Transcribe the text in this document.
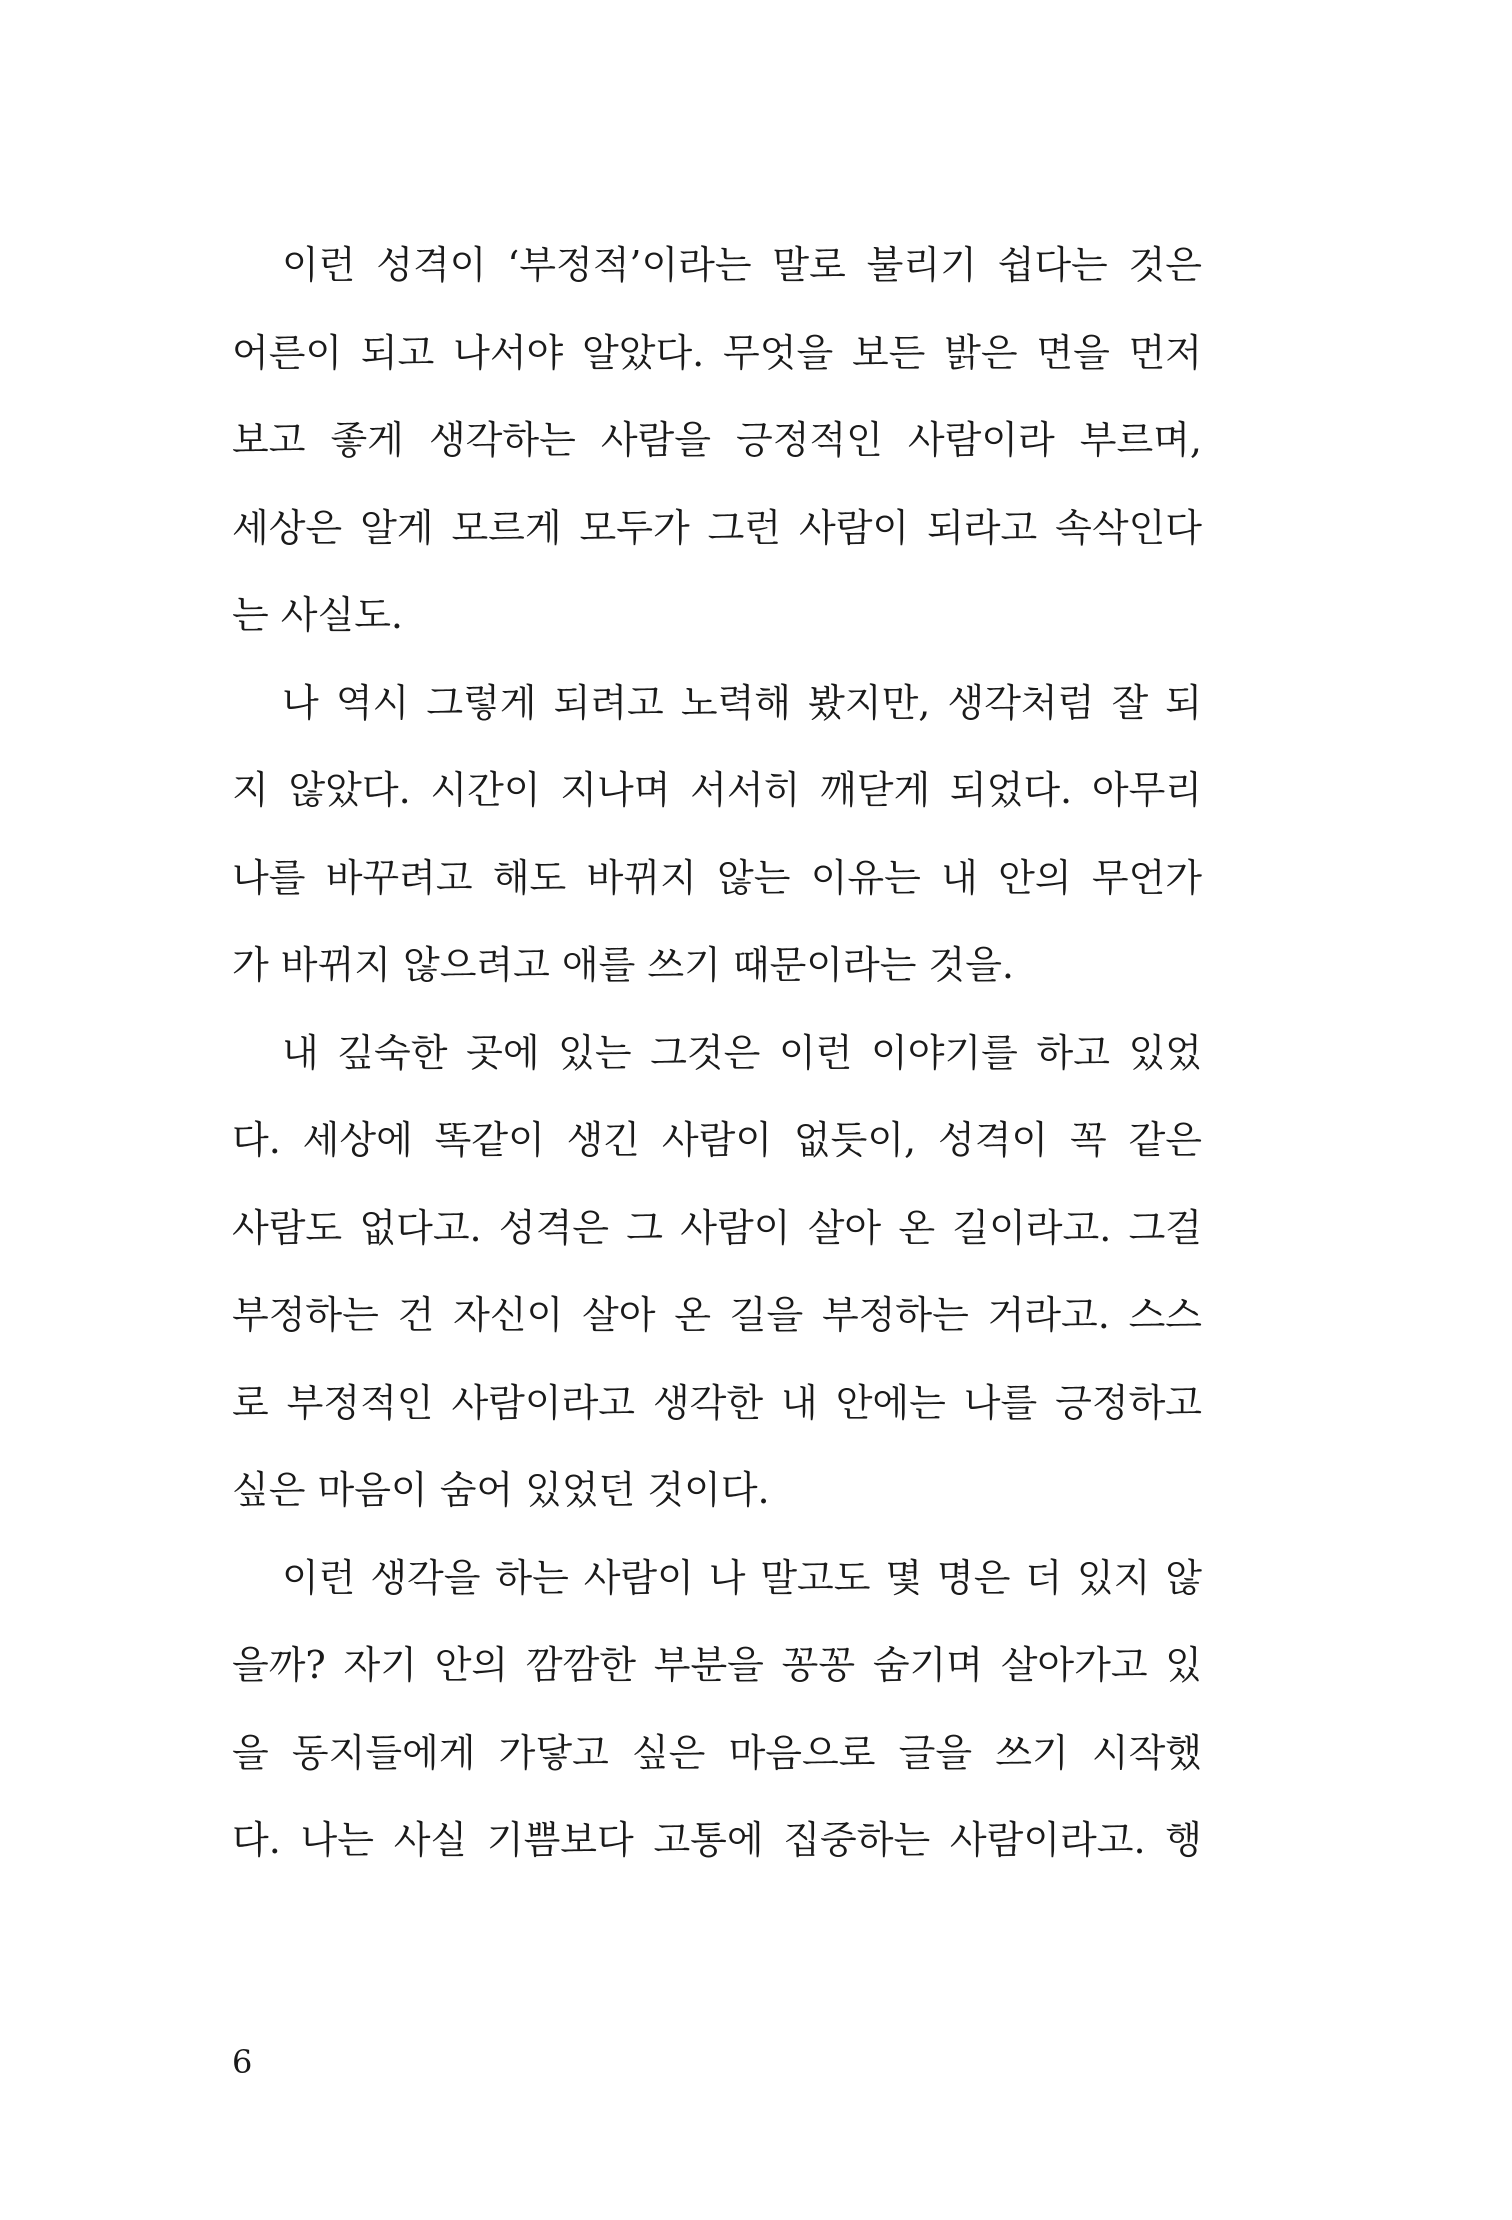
이런 성격이 ‘부정적’이라는 말로 불리기 쉽다는 것은
어른이 되고 나서야 알았다. 무엇을 보든 밝은 면을 먼저
보고 좋게 생각하는 사람을 긍정적인 사람이라 부르며,
세상은 알게 모르게 모두가 그런 사람이 되라고 속삭인다
는 사실도.
나 역시 그렇게 되려고 노력해 봤지만, 생각처럼 잘 되
지 않았다. 시간이 지나며 서서히 깨닫게 되었다. 아무리
나를 바꾸려고 해도 바뀌지 않는 이유는 내 안의 무언가
가 바뀌지 않으려고 애를 쓰기 때문이라는 것을.
내 깊숙한 곳에 있는 그것은 이런 이야기를 하고 있었
다. 세상에 똑같이 생긴 사람이 없듯이, 성격이 꼭 같은
사람도 없다고. 성격은 그 사람이 살아 온 길이라고. 그걸
부정하는 건 자신이 살아 온 길을 부정하는 거라고. 스스
로 부정적인 사람이라고 생각한 내 안에는 나를 긍정하고
싶은 마음이 숨어 있었던 것이다.
이런 생각을 하는 사람이 나 말고도 몇 명은 더 있지 않
을까? 자기 안의 깜깜한 부분을 꽁꽁 숨기며 살아가고 있
을 동지들에게 가닿고 싶은 마음으로 글을 쓰기 시작했
다. 나는 사실 기쁨보다 고통에 집중하는 사람이라고. 행
6
